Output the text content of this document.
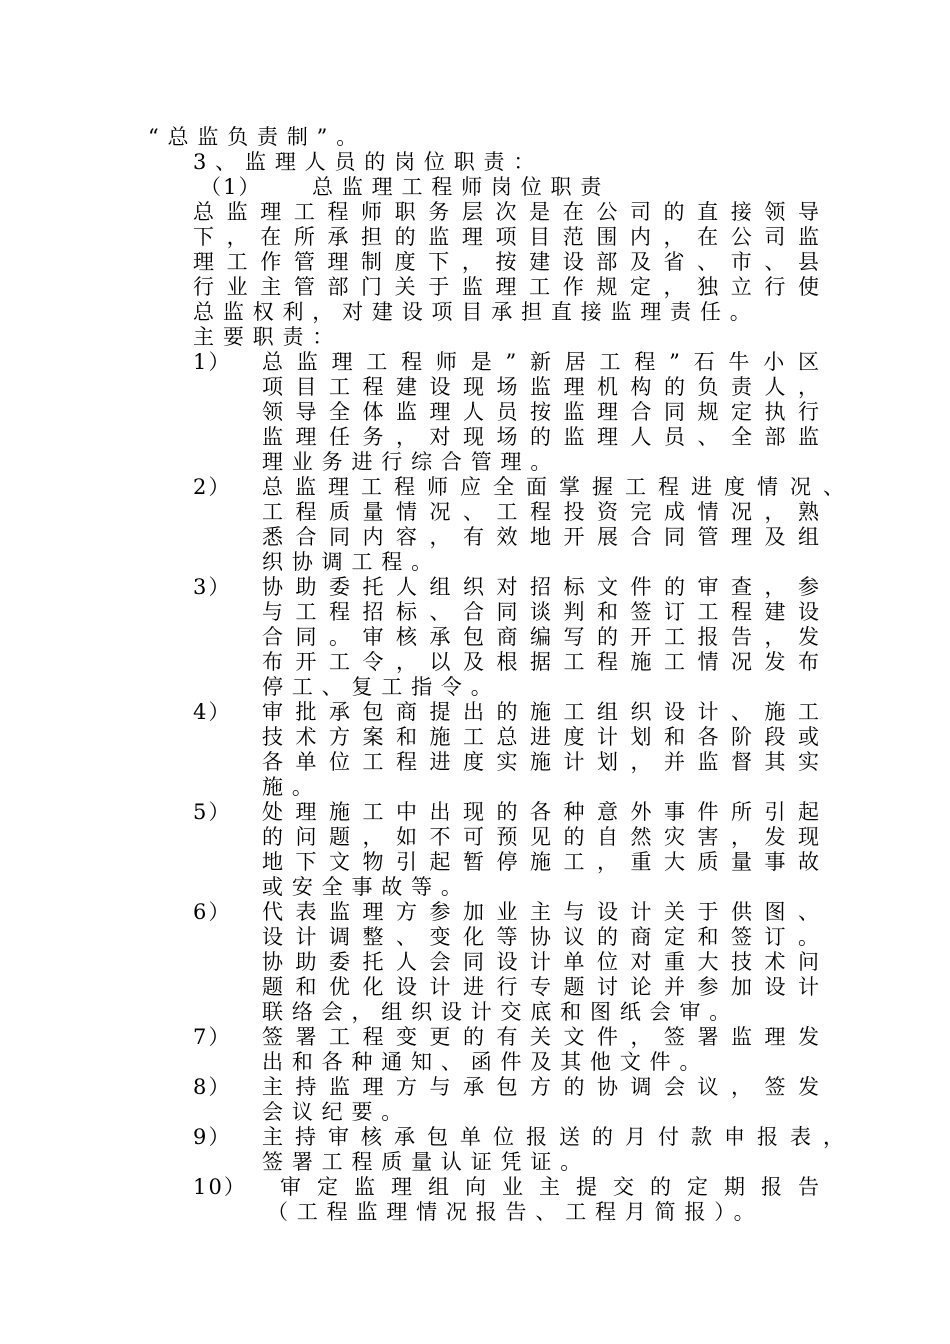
“总监负责制”。
3、监理人员的岗位职责：
（1） 总监理工程师岗位职责
总监理工程师职务层次是在公司的直接领导
下，在所承担的监理项目范围内，在公司监
理工作管理制度下，按建设部及省、市、县
行业主管部门关于监理工作规定，独立行使
总监权利，对建设项目承担直接监理责任。
主要职责：
1） 总监理工程师是”新居工程”石牛小区
项目工程建设现场监理机构的负责人，
领导全体监理人员按监理合同规定执行
监理任务，对现场的监理人员、全部监
理业务进行综合管理。
2） 总监理工程师应全面掌握工程进度情况、
工程质量情况、工程投资完成情况，熟
悉合同内容，有效地开展合同管理及组
织协调工程。
3） 协助委托人组织对招标文件的审查，参
与工程招标、合同谈判和签订工程建设
合同。审核承包商编写的开工报告，发
布开工令，以及根据工程施工情况发布
停工、复工指令。
4） 审批承包商提出的施工组织设计、施工
技术方案和施工总进度计划和各阶段或
各单位工程进度实施计划，并监督其实
施。
5） 处理施工中出现的各种意外事件所引起
的问题，如不可预见的自然灾害，发现
地下文物引起暂停施工，重大质量事故
或安全事故等。
6） 代表监理方参加业主与设计关于供图、
设计调整、变化等协议的商定和签订。
协助委托人会同设计单位对重大技术问
题和优化设计进行专题讨论并参加设计
联络会，组织设计交底和图纸会审。
7） 签署工程变更的有关文件，签署监理发
出和各种通知、函件及其他文件。
8） 主持监理方与承包方的协调会议，签发
会议纪要。
9） 主持审核承包单位报送的月付款申报表，
签署工程质量认证凭证。
10） 审定监理组向业主提交的定期报告
（工程监理情况报告、工程月简报）。
